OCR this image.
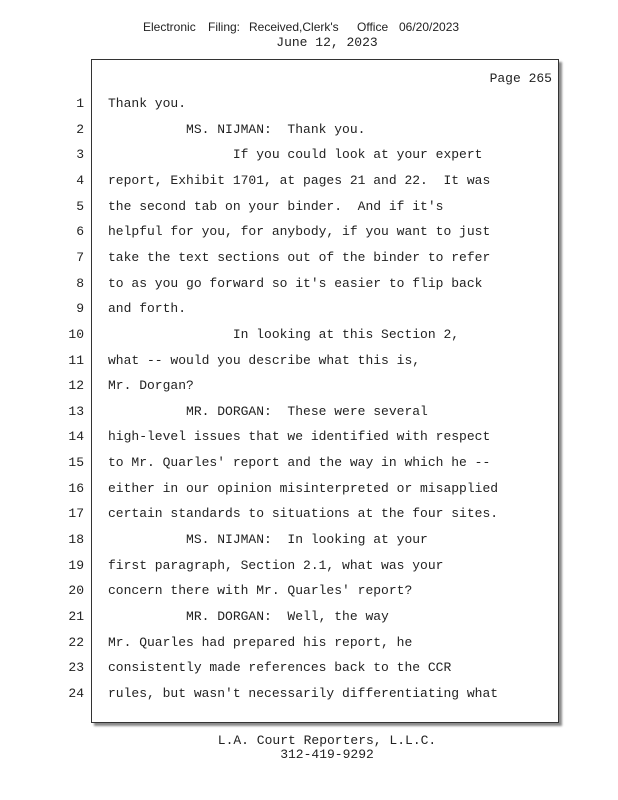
Electronic Filing: Received,Clerk's Office 06/20/2023
June 12, 2023
Page 265
1 Thank you.
2 MS. NIJMAN:  Thank you.
3 If you could look at your expert
4 report, Exhibit 1701, at pages 21 and 22.  It was
5 the second tab on your binder.  And if it's
6 helpful for you, for anybody, if you want to just
7 take the text sections out of the binder to refer
8 to as you go forward so it's easier to flip back
9 and forth.
10 In looking at this Section 2,
11 what -- would you describe what this is,
12 Mr. Dorgan?
13 MR. DORGAN:  These were several
14 high-level issues that we identified with respect
15 to Mr. Quarles' report and the way in which he --
16 either in our opinion misinterpreted or misapplied
17 certain standards to situations at the four sites.
18 MS. NIJMAN:  In looking at your
19 first paragraph, Section 2.1, what was your
20 concern there with Mr. Quarles' report?
21 MR. DORGAN:  Well, the way
22 Mr. Quarles had prepared his report, he
23 consistently made references back to the CCR
24 rules, but wasn't necessarily differentiating what
L.A. Court Reporters, L.L.C.
312-419-9292
